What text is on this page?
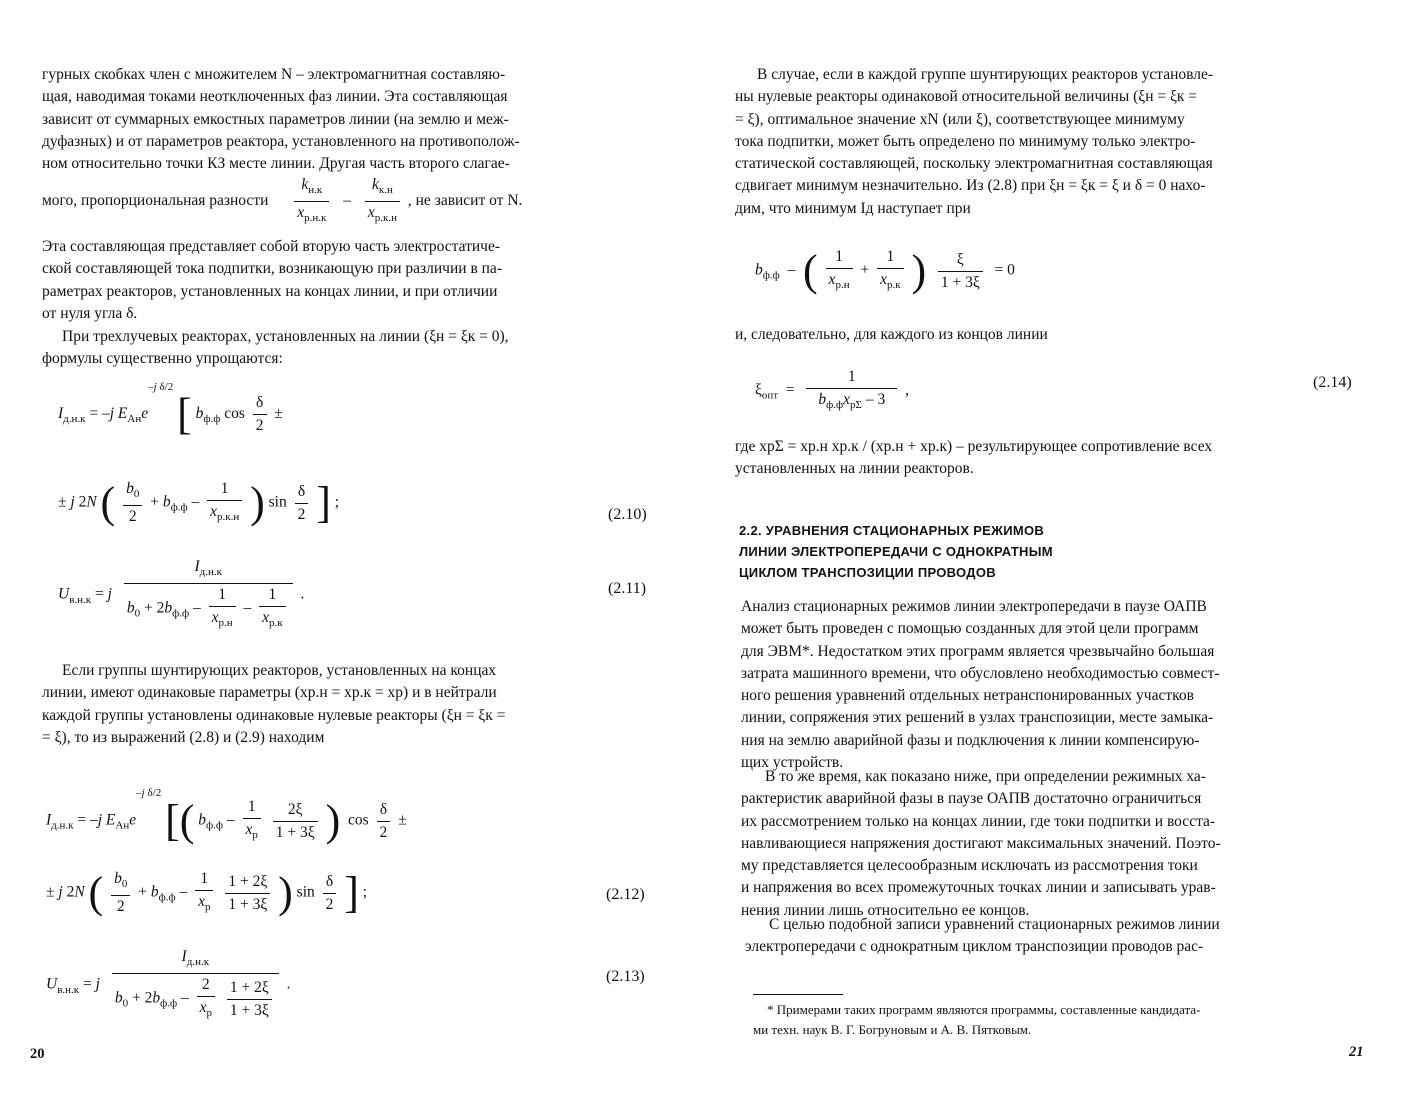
гурных скобках член с множителем N – электромагнитная составляю-
щая, наводимая токами неотключенных фаз линии. Эта составляющая
зависит от суммарных емкостных параметров линии (на землю и меж-
дуфазных) и от параметров реактора, установленного на противополож-
ном относительно точки КЗ месте линии. Другая часть второго слагае-
мого, пропорциональная разности $\frac{k_{н.к}}{x_{р.н.к}} - \frac{k_{к.н}}{x_{р.к.н}}$ , не зависит от N.
Эта составляющая представляет собой вторую часть электростатиче-
ской составляющей тока подпитки, возникающую при различии в па-
раметрах реакторов, установленных на концах линии, и при отличии
от нуля угла δ.
При трехлучевых реакторах, установленных на линии (ξн = ξк = 0),
формулы существенно упрощаются:
$I_{д.н.к} = -j$ $E_{Aн}e^{-j \delta/2}$ [ $b_{ф.ф}$ $\cos \frac{\delta}{2}$ ±
± j 2N ( $\frac{b_0}{2} + b_{ф.ф} - \frac{1}{x_{р.к.н}}$ ) $\sin \frac{\delta}{2}$ ] ;
(2.10)
$U_{в.н.к} = j \frac{I_{д.н.к}}{b_0 + 2b_{ф.ф} - \frac{1}{x_{р.н}} - \frac{1}{x_{р.к}}}$ .	(2.11)
Если группы шунтирующих реакторов, установленных на концах
линии, имеют одинаковые параметры (xр.н = xр.к = xр) и в нейтрали
каждой группы установлены одинаковые нулевые реакторы (ξн = ξк =
= ξ), то из выражений (2.8) и (2.9) находим
$I_{д.н.к} = -j$ $E_{Aн}e^{-j \delta/2}$ [( $b_{ф.ф} - \frac{1}{x_р}$
$\frac{2\xi}{1 + 3\xi}$ )  $\cos \frac{\delta}{2}$ ±
± j 2N ( $\frac{b_0}{2} + b_{ф.ф} - \frac{1}{x_р}$
$\frac{1 + 2\xi}{1 + 3\xi}$ ) $\sin \frac{\delta}{2}$ ] ;	(2.12)
$U_{в.н.к} = j$ $I_{д.н.к}$
$b_0 + 2b_{ф.ф} - \frac{2}{x_р}$
$\frac{1 + 2\xi}{1 + 3\xi}$ .	(2.13)
20
В случае, если в каждой группе шунтирующих реакторов установле-
ны нулевые реакторы одинаковой относительной величины (ξн = ξк =
= ξ), оптимальное значение xN (или ξ), соответствующее минимуму
тока подпитки, может быть определено по минимуму только электро-
статической составляющей, поскольку электромагнитная составляющая
сдвигает минимум незначительно. Из (2.8) при ξн = ξк = ξ и δ = 0 нахо-
дим, что минимум Iд наступает при
$b_{ф.ф}$  –  ( $\frac{1}{x_{р.н}} + \frac{1}{x_{р.к}}$ ) $\frac{\xi}{1 + 3\xi} = 0$
и, следовательно, для каждого из концов линии
$\xi_{опт} = \frac{1}{b_{ф.ф}x_{р\Sigma} - 3}$ ,	(2.14)
где xрΣ = xр.н xр.к / (xр.н + xр.к) – результирующее сопротивление всех
установленных на линии реакторов.
2.2. УРАВНЕНИЯ СТАЦИОНАРНЫХ РЕЖИМОВ
ЛИНИИ ЭЛЕКТРОПЕРЕДАЧИ С ОДНОКРАТНЫМ
ЦИКЛОМ ТРАНСПОЗИЦИИ ПРОВОДОВ
Анализ стационарных режимов линии электропередачи в паузе ОАПВ
может быть проведен с помощью созданных для этой цели программ
для ЭВМ*. Недостатком этих программ является чрезвычайно большая
затрата машинного времени, что обусловлено необходимостью совмест-
ного решения уравнений отдельных нетранспонированных участков
линии, сопряжения этих решений в узлах транспозиции, месте замыка-
ния на землю аварийной фазы и подключения к линии компенсирую-
щих устройств.
В то же время, как показано ниже, при определении режимных ха-
рактеристик аварийной фазы в паузе ОАПВ достаточно ограничиться
их рассмотрением только на концах линии, где токи подпитки и восста-
навливающиеся напряжения достигают максимальных значений. Поэто-
му представляется целесообразным исключать из рассмотрения токи
и напряжения во всех промежуточных точках линии и записывать урав-
нения линии лишь относительно ее концов.
С целью подобной записи уравнений стационарных режимов линии
электропередачи с однократным циклом транспозиции проводов рас-
* Примерами таких программ являются программы, составленные кандидата-
ми техн. наук В. Г. Богруновым и А. В. Пятковым.
21
